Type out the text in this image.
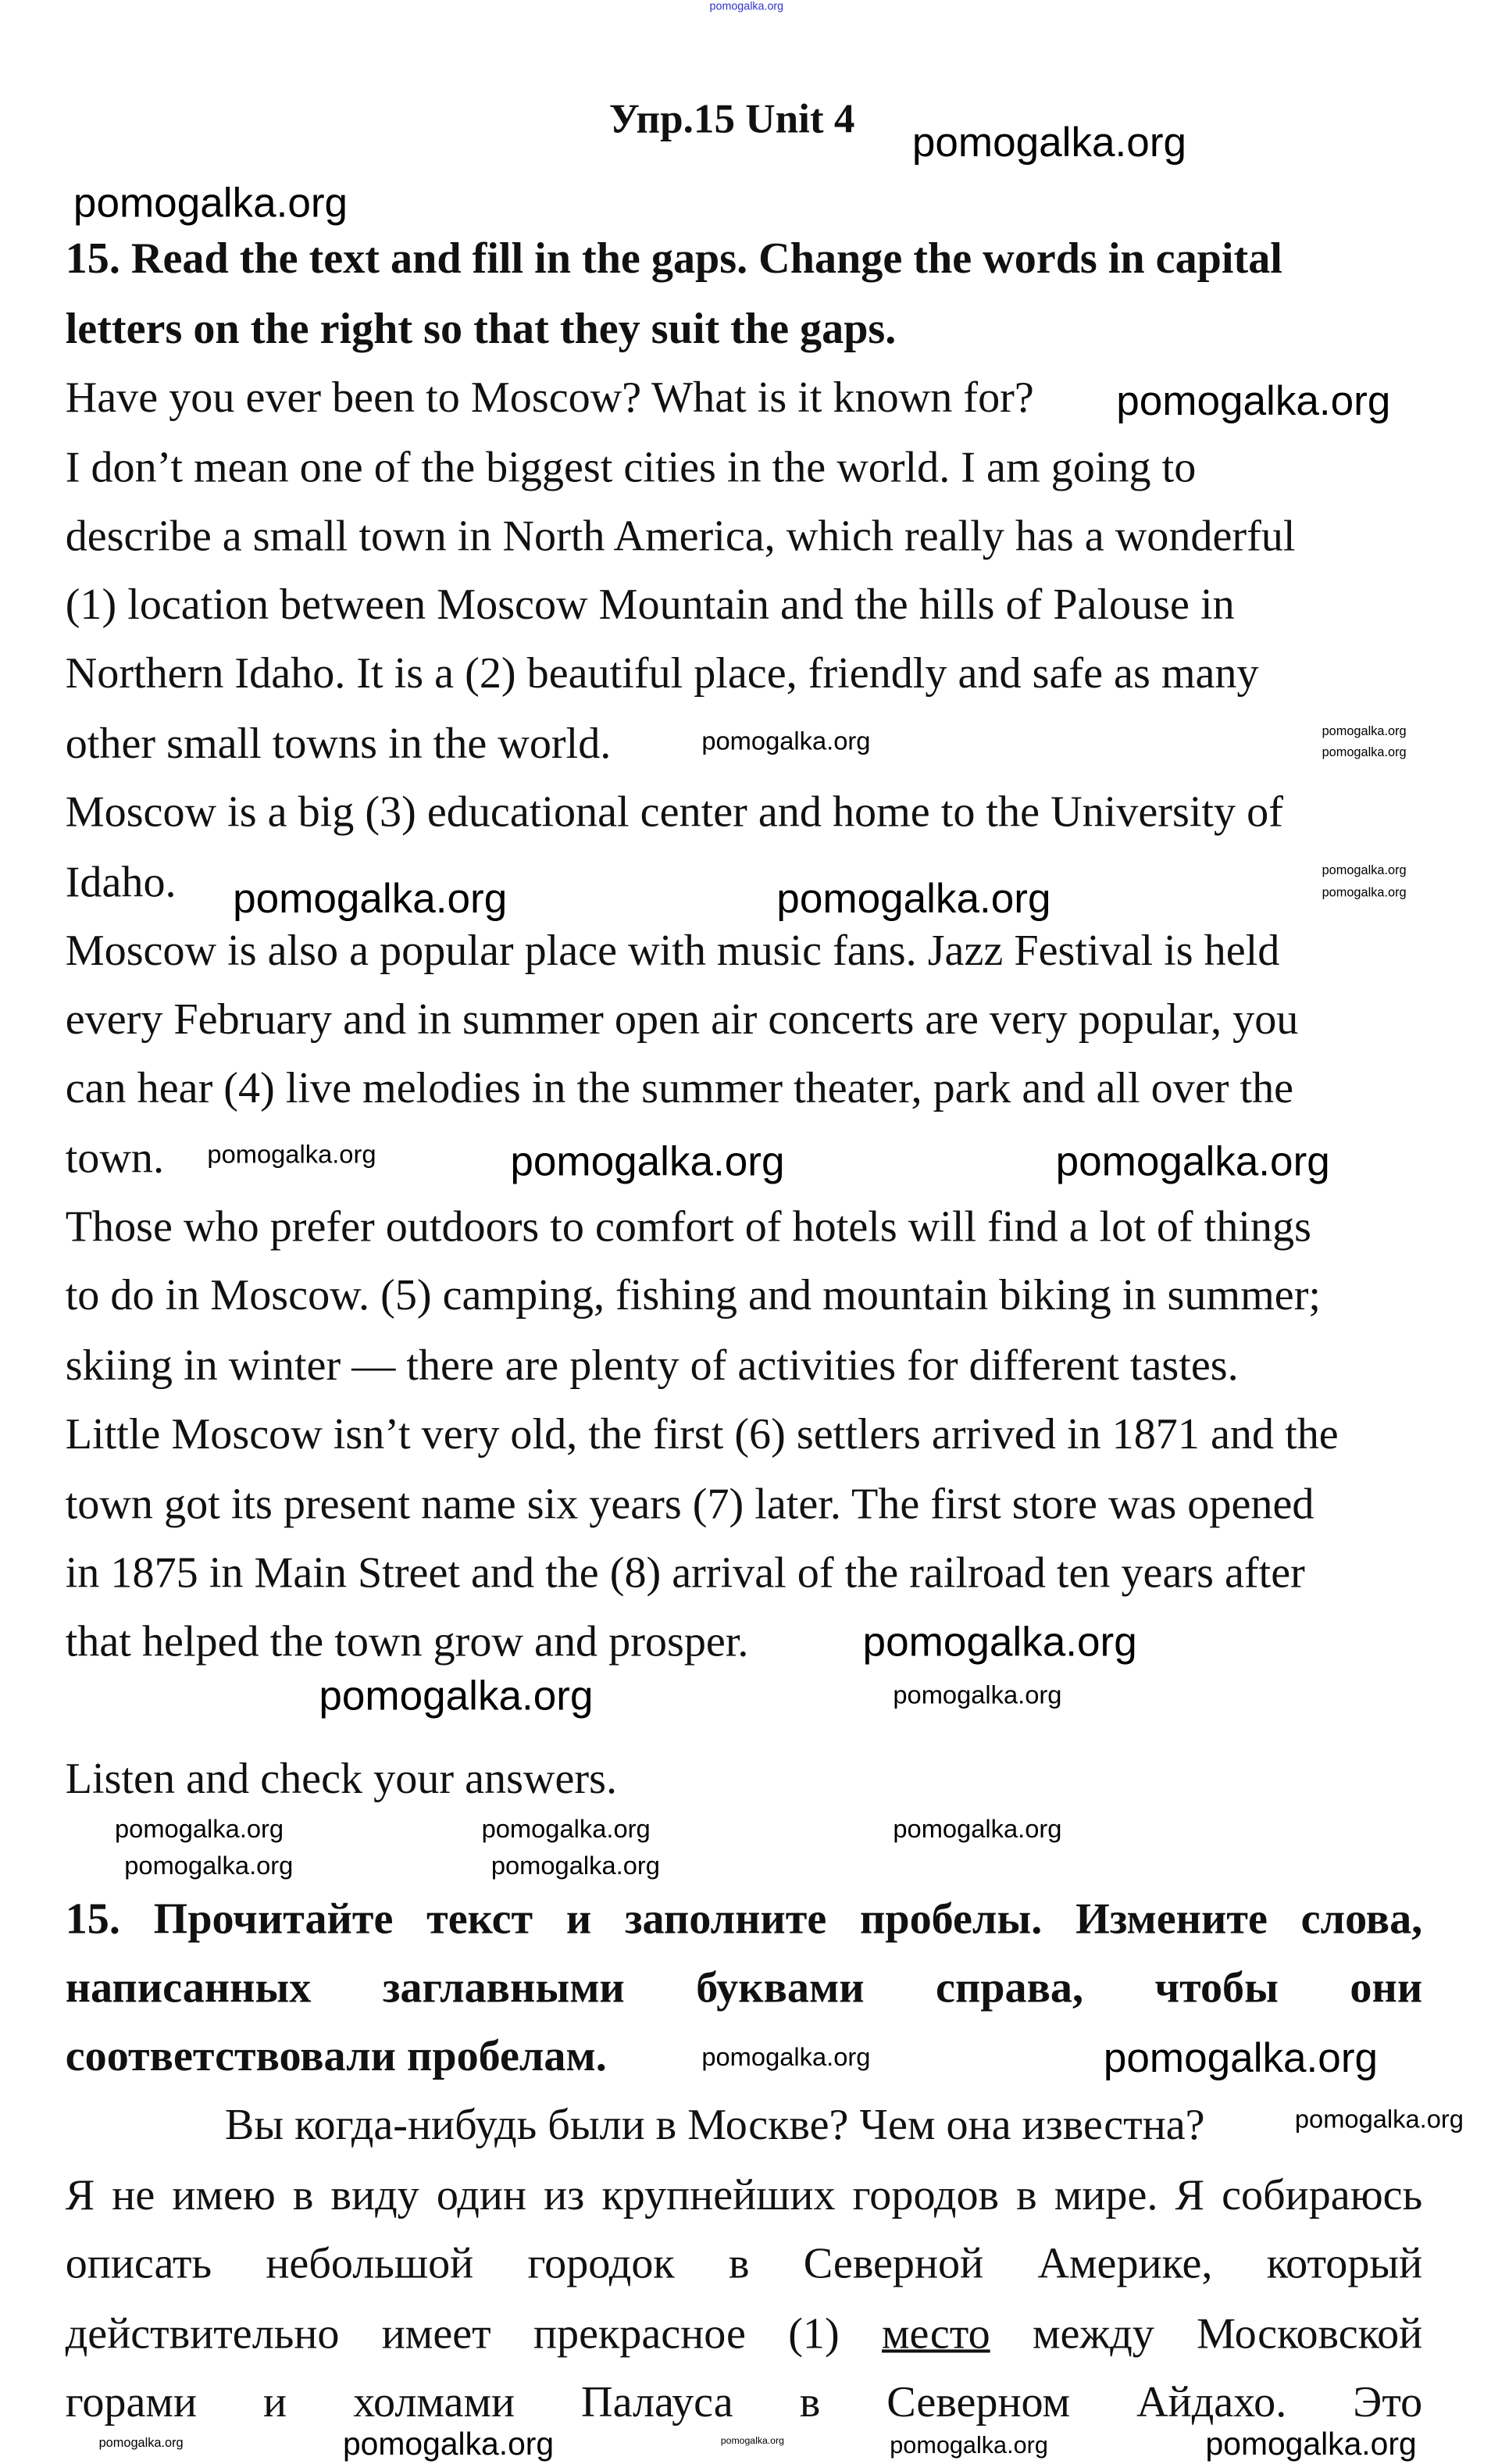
pomogalka.org
Упр.15 Unit 4
15. Read the text and fill in the gaps. Change the words in capital
letters on the right so that they suit the gaps.
Have you ever been to Moscow? What is it known for?
I don’t mean one of the biggest cities in the world. I am going to
describe a small town in North America, which really has a wonderful
(1) location between Moscow Mountain and the hills of Palouse in
Northern Idaho. It is a (2) beautiful place, friendly and safe as many
other small towns in the world.
Moscow is a big (3) educational center and home to the University of
Idaho.
Moscow is also a popular place with music fans. Jazz Festival is held
every February and in summer open air concerts are very popular, you
can hear (4) live melodies in the summer theater, park and all over the
town.
Those who prefer outdoors to comfort of hotels will find a lot of things
to do in Moscow. (5) camping, fishing and mountain biking in summer;
skiing in winter — there are plenty of activities for different tastes.
Little Moscow isn’t very old, the first (6) settlers arrived in 1871 and the
town got its present name six years (7) later. The first store was opened
in 1875 in Main Street and the (8) arrival of the railroad ten years after
that helped the town grow and prosper.
Listen and check your answers.
15. Прочитайте текст и заполните пробелы. Измените слова,
написанных заглавными буквами справа, чтобы они
соответствовали пробелам.
Вы когда-нибудь были в Москве? Чем она известна?
Я не имею в виду один из крупнейших городов в мире. Я собираюсь
описать небольшой городок в Северной Америке, который
действительно имеет прекрасное (1) место между Московской
горами и холмами Палауса в Северном Айдахо. Это
pomogalka.org
pomogalka.org
pomogalka.org
pomogalka.org	pomogalka.org
pomogalka.org
pomogalka.org
pomogalka.org
pomogalka.org	pomogalka.org
pomogalka.org	pomogalka.org	pomogalka.org
pomogalka.org
pomogalka.org	pomogalka.org
pomogalka.org	pomogalka.org	pomogalka.org
pomogalka.org	pomogalka.org
pomogalka.org
pomogalka.org
pomogalka.org
pomogalka.org	pomogalka.org
pomogalka.org	pomogalka.org	pomogalka.org
